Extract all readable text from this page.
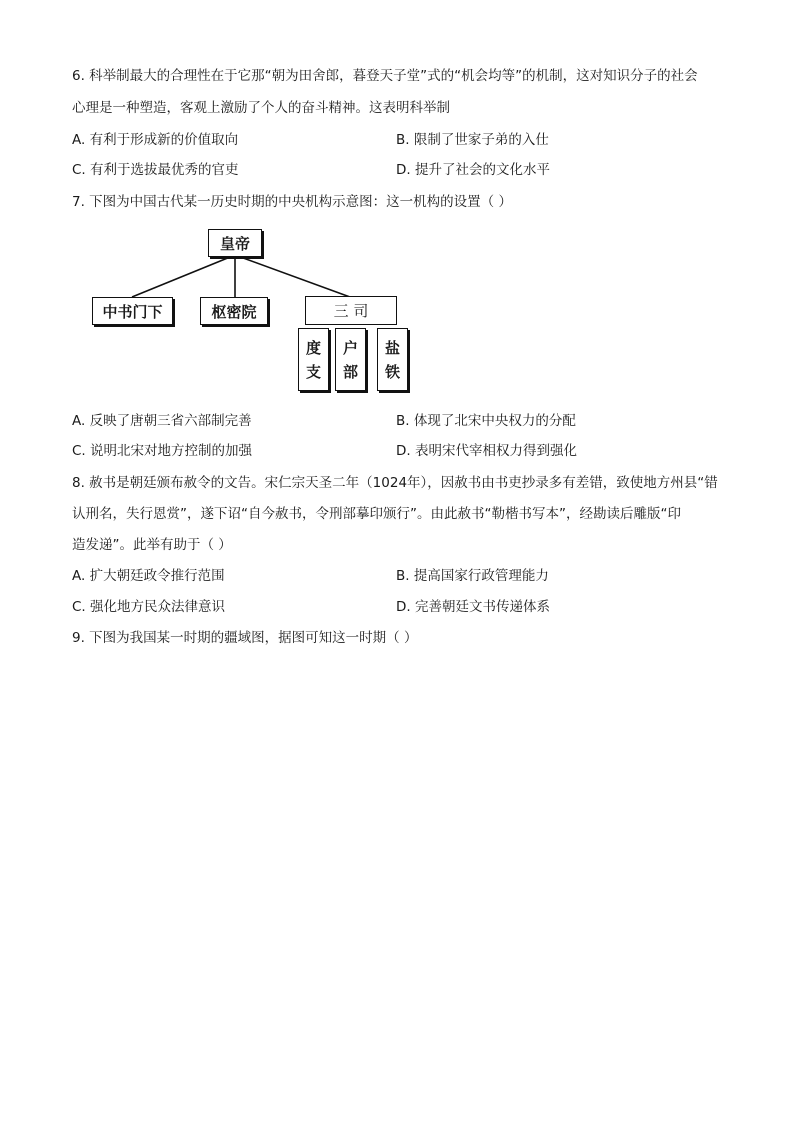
6. 科举制最大的合理性在于它那“朝为田舍郎，暮登天子堂”式的“机会均等”的机制，这对知识分子的社会
心理是一种塑造，客观上激励了个人的奋斗精神。这表明科举制
A. 有利于形成新的价值取向	B. 限制了世家子弟的入仕
C. 有利于选拔最优秀的官吏	D. 提升了社会的文化水平
7. 下图为中国古代某一历史时期的中央机构示意图：这一机构的设置（ ）
皇帝
中书门下	枢密院	三 司
度
支
户
部
盐
铁
A. 反映了唐朝三省六部制完善	B. 体现了北宋中央权力的分配
C. 说明北宋对地方控制的加强	D. 表明宋代宰相权力得到强化
8. 赦书是朝廷颁布赦令的文告。宋仁宗天圣二年（1024年），因赦书由书吏抄录多有差错，致使地方州县“错
认刑名，失行恩赏”，遂下诏“自今赦书，令刑部摹印颁行”。由此赦书“勒楷书写本”，经勘读后雕版“印
造发递”。此举有助于（ ）
A. 扩大朝廷政令推行范围	B. 提高国家行政管理能力
C. 强化地方民众法律意识	D. 完善朝廷文书传递体系
9. 下图为我国某一时期的疆域图，据图可知这一时期（ ）
